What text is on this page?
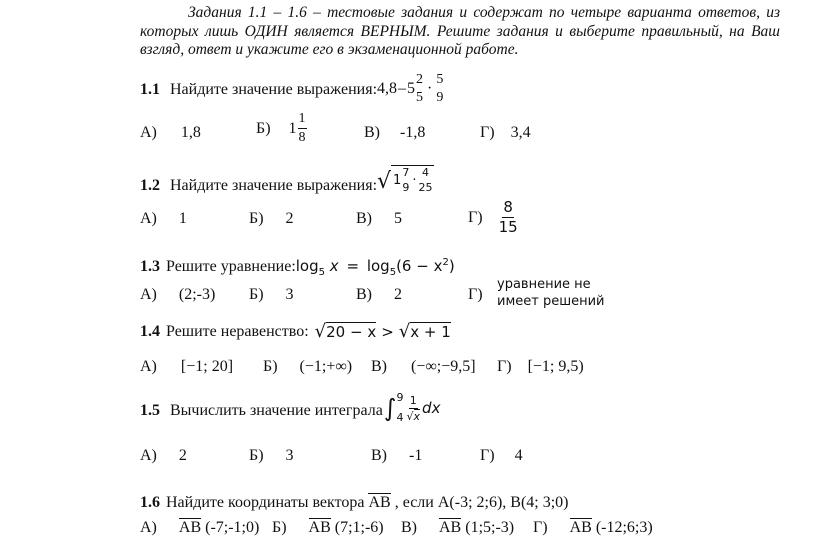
Задания 1.1 – 1.6 – тестовые задания и содержат по четыре варианта ответов, из которых лишь ОДИН является ВЕРНЫМ. Решите задания и выберите правильный, на Ваш взгляд, ответ и укажите его в экзаменационной работе.
1.1 Найдите значение выражения: 4,8 – 5
2
5
·
5
9
А) 1,8	Б) $1 \frac{1}{8}$	В) -1,8	Г) 3,4
1.2 Найдите значение выражения: √ 1 7
9 · 4
25
А) 1	Б) 2	В) 5	$Г) \frac{8}{15}$
1.3 Решите уравнение: $\log_5 x = \log_5(6 - x^2)$
А) (2;-3) Б) 3	В) 2	Г)
уравнение не
имеет решений
1.4 Решите неравенство: √ 20 − x > √ x + 1
А) [−1; 20] Б) (−1;+∞) В) (−∞;−9,5] Г) [−1; 9,5)
1.5 Вычислить значение интеграла ∫ 9
$4 \frac{1}{√x}$ dx
А) 2	Б) 3	В) -1	Г) 4
1.6 Найдите координаты вектора AB , если A(-3; 2;6), B(4; 3;0)
А) AB (-7;-1;0) Б) AB (7;1;-6) В) AB (1;5;-3) Г) AB (-12;6;3)
